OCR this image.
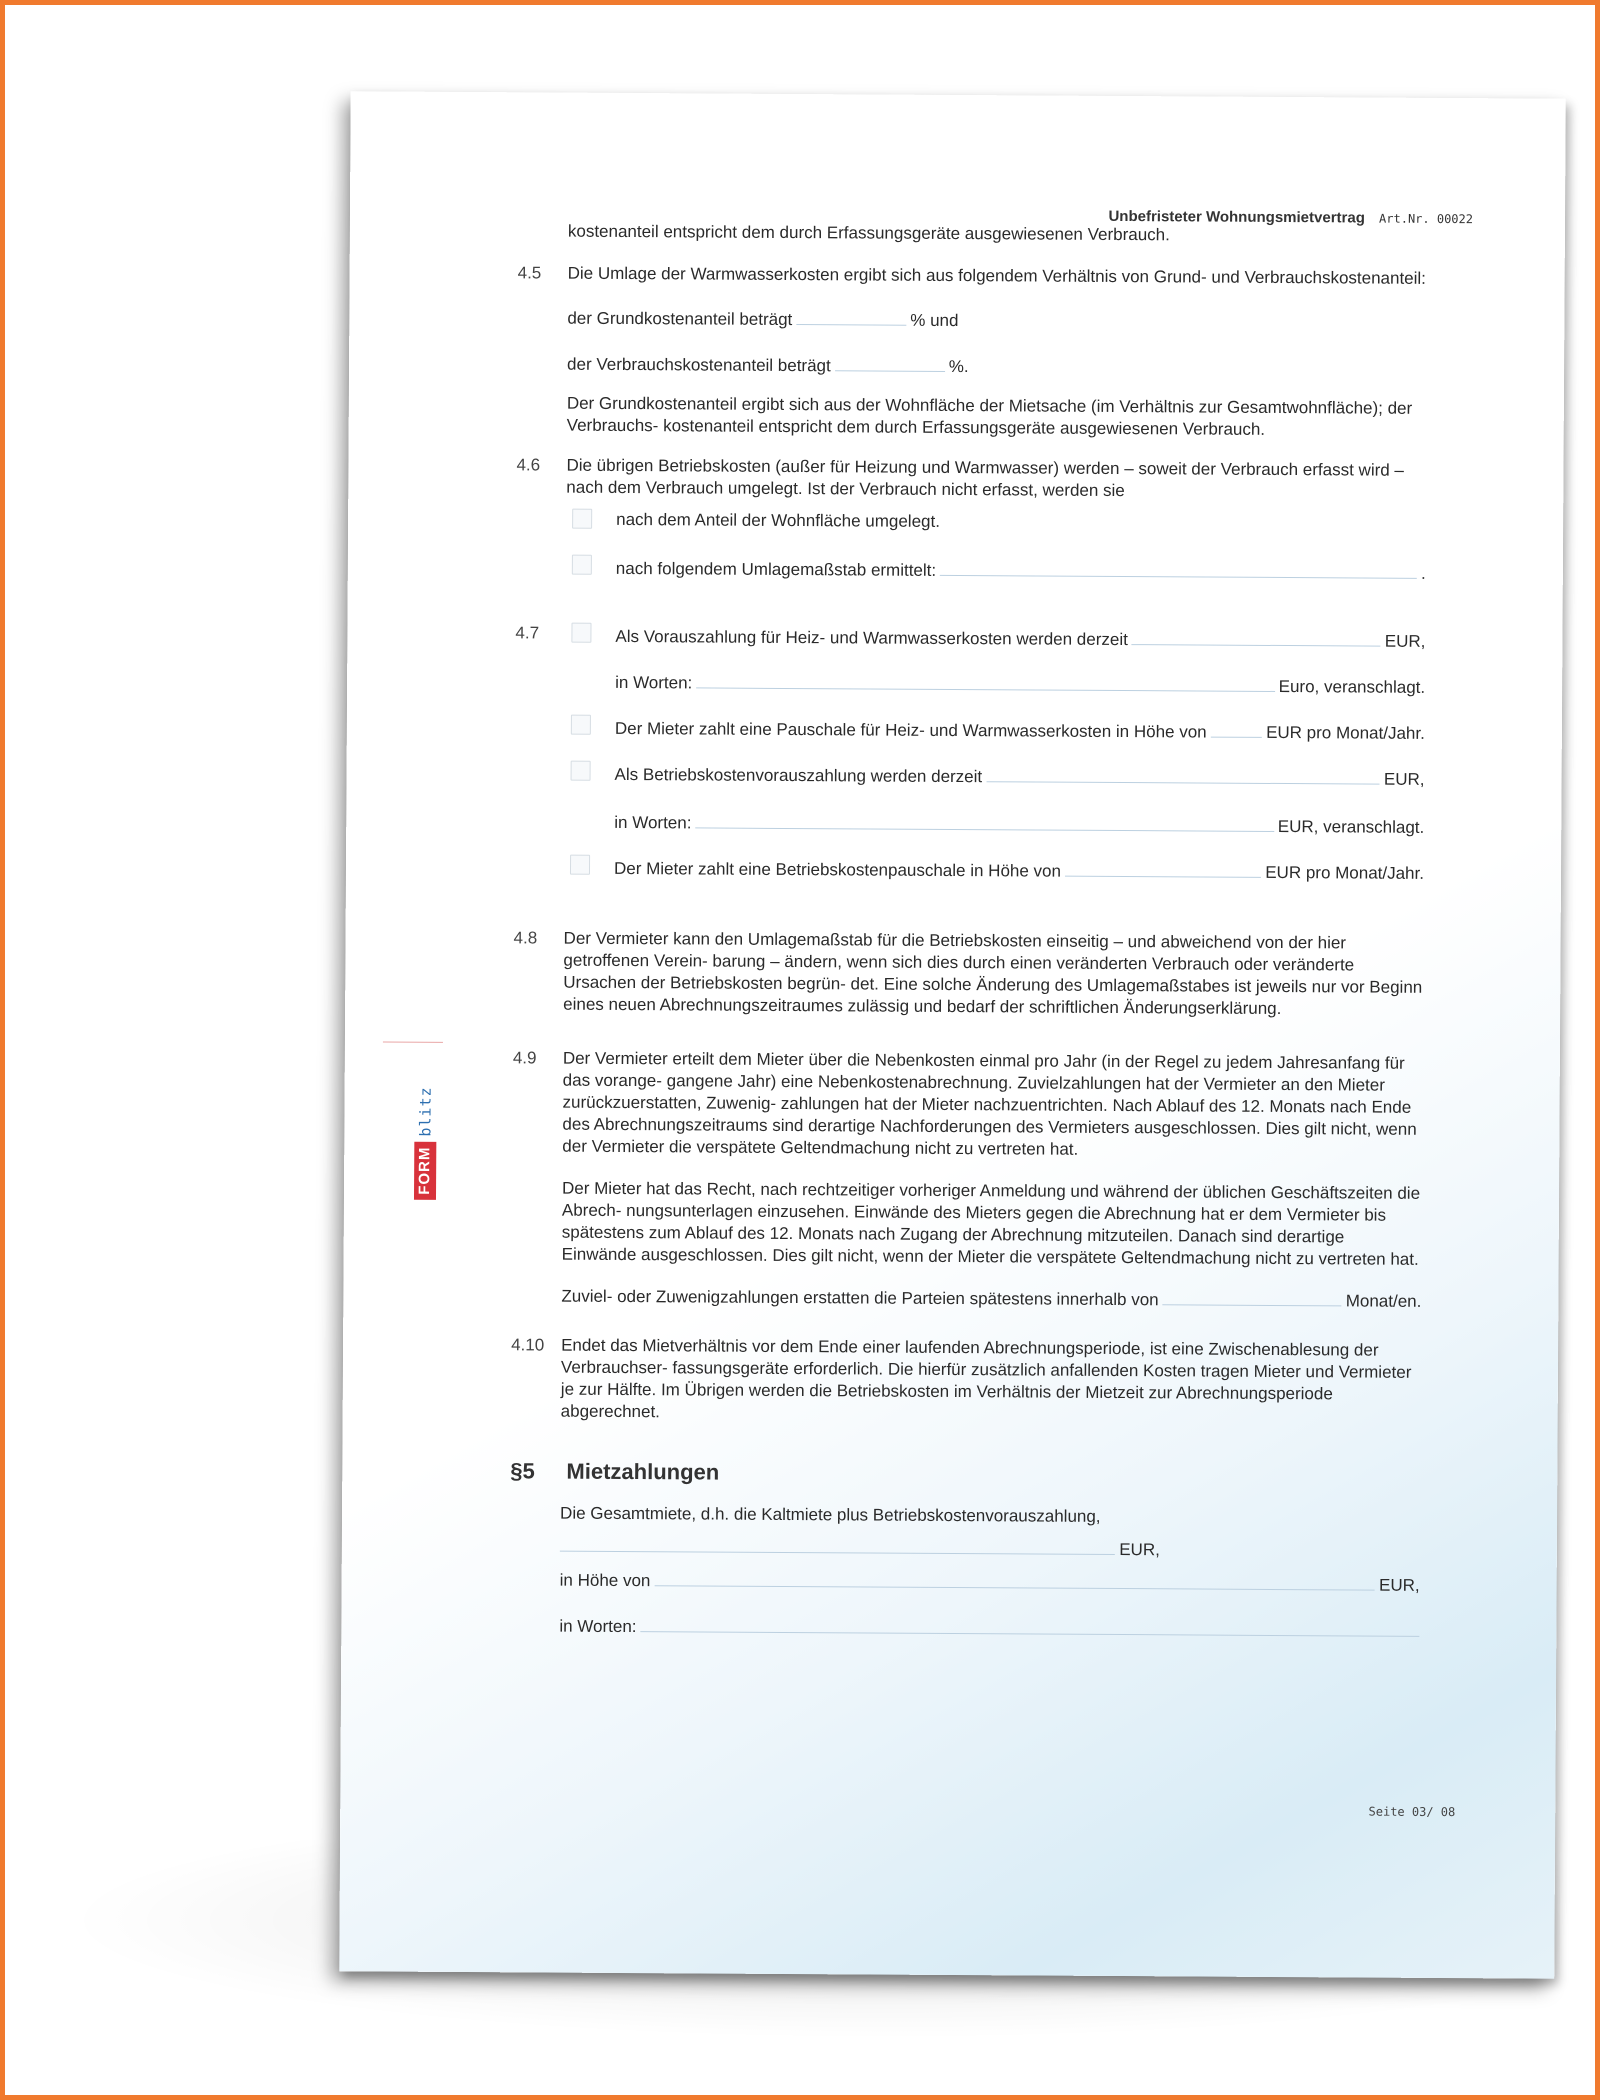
Unbefristeter Wohnungsmietvertrag Art.Nr. 00022
FORM
blitz
kostenanteil entspricht dem durch Erfassungsgeräte ausgewiesenen Verbrauch.
4.5 Die Umlage der Warmwasserkosten ergibt sich aus folgendem Verhältnis von Grund- und Verbrauchskostenanteil:
der Grundkostenanteil beträgt	% und
der Verbrauchskostenanteil beträgt	%.
Der Grundkostenanteil ergibt sich aus der Wohnfläche der Mietsache (im Verhältnis zur Gesamtwohnfläche); der Verbrauchs- kostenanteil entspricht dem durch Erfassungsgeräte ausgewiesenen Verbrauch.
4.6 Die übrigen Betriebskosten (außer für Heizung und Warmwasser) werden – soweit der Verbrauch erfasst wird – nach dem Verbrauch umgelegt. Ist der Verbrauch nicht erfasst, werden sie
nach dem Anteil der Wohnfläche umgelegt.
nach folgendem Umlagemaßstab ermittelt:	.
4.7	Als Vorauszahlung für Heiz- und Warmwasserkosten werden derzeit	EUR,
in Worten:	Euro, veranschlagt.
Der Mieter zahlt eine Pauschale für Heiz- und Warmwasserkosten in Höhe von	EUR pro Monat/Jahr.
Als Betriebskostenvorauszahlung werden derzeit	EUR,
in Worten:	EUR, veranschlagt.
Der Mieter zahlt eine Betriebskostenpauschale in Höhe von	EUR pro Monat/Jahr.
4.8 Der Vermieter kann den Umlagemaßstab für die Betriebskosten einseitig – und abweichend von der hier getroffenen Verein- barung – ändern, wenn sich dies durch einen veränderten Verbrauch oder veränderte Ursachen der Betriebskosten begrün- det. Eine solche Änderung des Umlagemaßstabes ist jeweils nur vor Beginn eines neuen Abrechnungszeitraumes zulässig und bedarf der schriftlichen Änderungserklärung.
4.9 Der Vermieter erteilt dem Mieter über die Nebenkosten einmal pro Jahr (in der Regel zu jedem Jahresanfang für das vorange- gangene Jahr) eine Nebenkostenabrechnung. Zuvielzahlungen hat der Vermieter an den Mieter zurückzuerstatten, Zuwenig- zahlungen hat der Mieter nachzuentrichten. Nach Ablauf des 12. Monats nach Ende des Abrechnungszeitraums sind derartige Nachforderungen des Vermieters ausgeschlossen. Dies gilt nicht, wenn der Vermieter die verspätete Geltendmachung nicht zu vertreten hat.
Der Mieter hat das Recht, nach rechtzeitiger vorheriger Anmeldung und während der üblichen Geschäftszeiten die Abrech- nungsunterlagen einzusehen. Einwände des Mieters gegen die Abrechnung hat er dem Vermieter bis spätestens zum Ablauf des 12. Monats nach Zugang der Abrechnung mitzuteilen. Danach sind derartige Einwände ausgeschlossen. Dies gilt nicht, wenn der Mieter die verspätete Geltendmachung nicht zu vertreten hat.
Zuviel- oder Zuwenigzahlungen erstatten die Parteien spätestens innerhalb von	Monat/en.
4.10 Endet das Mietverhältnis vor dem Ende einer laufenden Abrechnungsperiode, ist eine Zwischenablesung der Verbrauchser- fassungsgeräte erforderlich. Die hierfür zusätzlich anfallenden Kosten tragen Mieter und Vermieter je zur Hälfte. Im Übrigen werden die Betriebskosten im Verhältnis der Mietzeit zur Abrechnungsperiode abgerechnet.
§5 Mietzahlungen
Die Gesamtmiete, d.h. die Kaltmiete plus Betriebskostenvorauszahlung,
EUR,
in Höhe von	EUR,
in Worten:
Seite 03/ 08
